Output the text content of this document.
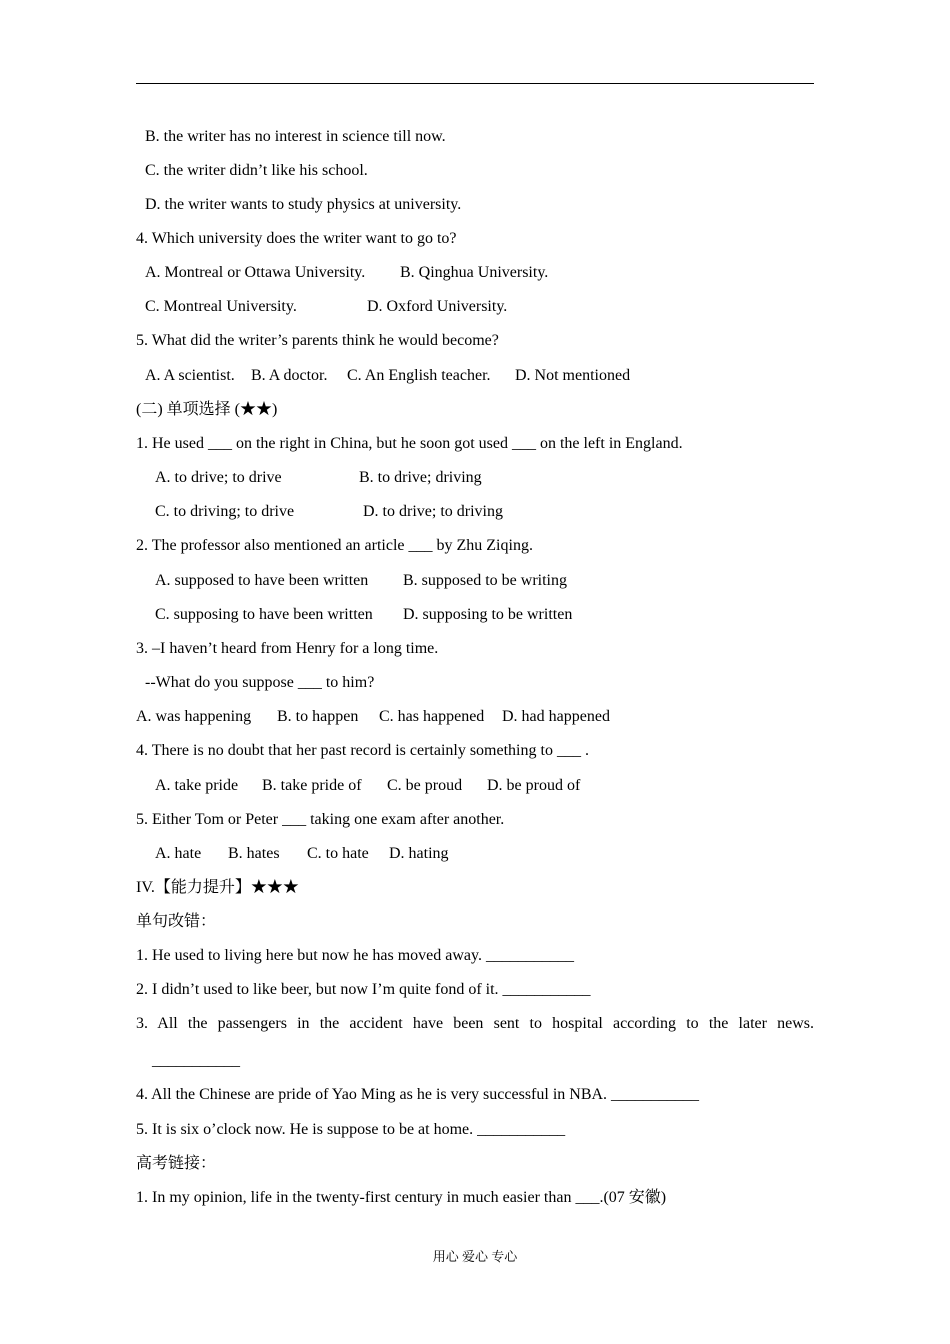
B. the writer has no interest in science till now.
C. the writer didn’t like his school.
D. the writer wants to study physics at university.
4. Which university does the writer want to go to?
A. Montreal or Ottawa University. B. Qinghua University.
C. Montreal University.	D. Oxford University.
5. What did the writer’s parents think he would become?
A. A scientist. B. A doctor. C. An English teacher. D. Not mentioned
(二) 单项选择 (★★)
1. He used ___ on the right in China, but he soon got used ___ on the left in England.
A. to drive; to drive	B. to drive; driving
C. to driving; to drive	D. to drive; to driving
2. The professor also mentioned an article ___ by Zhu Ziqing.
A. supposed to have been written B. supposed to be writing
C. supposing to have been written D. supposing to be written
3. –I haven’t heard from Henry for a long time.
--What do you suppose ___ to him?
A. was happening B. to happen C. has happened D. had happened
4. There is no doubt that her past record is certainly something to ___ .
A. take pride B. take pride of C. be proud D. be proud of
5. Either Tom or Peter ___ taking one exam after another.
A. hate B. hates C. to hate D. hating
IV.【能力提升】★★★
单句改错：
1. He used to living here but now he has moved away. ___________
2. I didn’t used to like beer, but now I’m quite fond of it. ___________
3. All the passengers in the accident have been sent to hospital according to the later news.
___________
4. All the Chinese are pride of Yao Ming as he is very successful in NBA. ___________
5. It is six o’clock now. He is suppose to be at home. ___________
高考链接：
1. In my opinion, life in the twenty-first century in much easier than ___.(07 安徽)
用心 爱心 专心
